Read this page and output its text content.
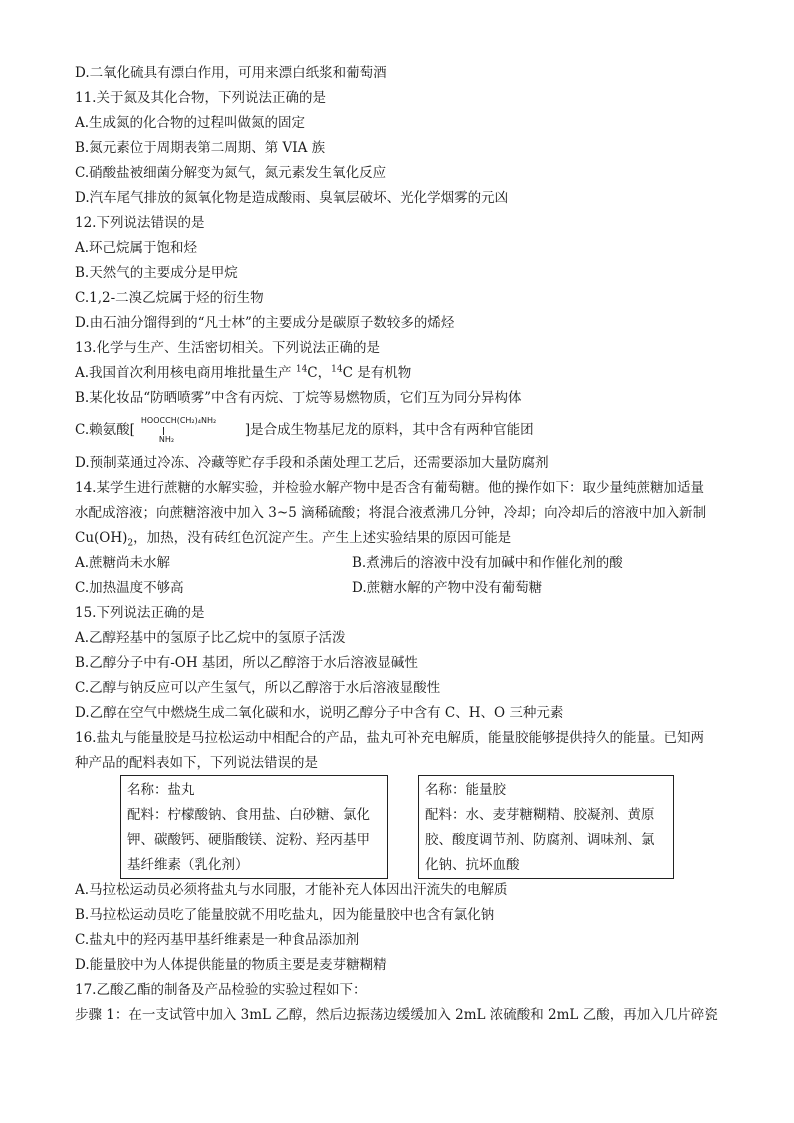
D.二氧化硫具有漂白作用，可用来漂白纸浆和葡萄酒
11.关于氮及其化合物，下列说法正确的是
A.生成氮的化合物的过程叫做氮的固定
B.氮元素位于周期表第二周期、第 VIA 族
C.硝酸盐被细菌分解变为氮气，氮元素发生氧化反应
D.汽车尾气排放的氮氧化物是造成酸雨、臭氧层破坏、光化学烟雾的元凶
12.下列说法错误的是
A.环己烷属于饱和烃
B.天然气的主要成分是甲烷
C.1,2-二溴乙烷属于烃的衍生物
D.由石油分馏得到的“凡士林”的主要成分是碳原子数较多的烯烃
13.化学与生产、生活密切相关。下列说法正确的是
A.我国首次利用核电商用堆批量生产 $^{14}$C，$^{14}$C 是有机物
B.某化妆品“防晒喷雾”中含有丙烷、丁烷等易燃物质，它们互为同分异构体
C.赖氨酸[
HOOCCH(CH₂)₄NH₂
NH₂
]是合成生物基尼龙的原料，其中含有两种官能团
D.预制菜通过冷冻、冷藏等贮存手段和杀菌处理工艺后，还需要添加大量防腐剂
14.某学生进行蔗糖的水解实验，并检验水解产物中是否含有葡萄糖。他的操作如下：取少量纯蔗糖加适量
水配成溶液；向蔗糖溶液中加入 3~5 滴稀硫酸；将混合液煮沸几分钟，冷却；向冷却后的溶液中加入新制
$Cu(OH)_2$，加热，没有砖红色沉淀产生。产生上述实验结果的原因可能是
A.蔗糖尚未水解	B.煮沸后的溶液中没有加碱中和作催化剂的酸
C.加热温度不够高	D.蔗糖水解的产物中没有葡萄糖
15.下列说法正确的是
A.乙醇羟基中的氢原子比乙烷中的氢原子活泼
B.乙醇分子中有-OH 基团，所以乙醇溶于水后溶液显碱性
C.乙醇与钠反应可以产生氢气，所以乙醇溶于水后溶液显酸性
D.乙醇在空气中燃烧生成二氧化碳和水，说明乙醇分子中含有 C、H、O 三种元素
16.盐丸与能量胶是马拉松运动中相配合的产品，盐丸可补充电解质，能量胶能够提供持久的能量。已知两
种产品的配料表如下，下列说法错误的是
名称：盐丸
配料：柠檬酸钠、食用盐、白砂糖、氯化
钾、碳酸钙、硬脂酸镁、淀粉、羟丙基甲
基纤维素（乳化剂）
名称：能量胶
配料：水、麦芽糖糊精、胶凝剂、黄原
胶、酸度调节剂、防腐剂、调味剂、氯
化钠、抗坏血酸
A.马拉松运动员必须将盐丸与水同服，才能补充人体因出汗流失的电解质
B.马拉松运动员吃了能量胶就不用吃盐丸，因为能量胶中也含有氯化钠
C.盐丸中的羟丙基甲基纤维素是一种食品添加剂
D.能量胶中为人体提供能量的物质主要是麦芽糖糊精
17.乙酸乙酯的制备及产品检验的实验过程如下：
步骤 1：在一支试管中加入 3mL 乙醇，然后边振荡边缓缓加入 2mL 浓硫酸和 2mL 乙酸，再加入几片碎瓷
